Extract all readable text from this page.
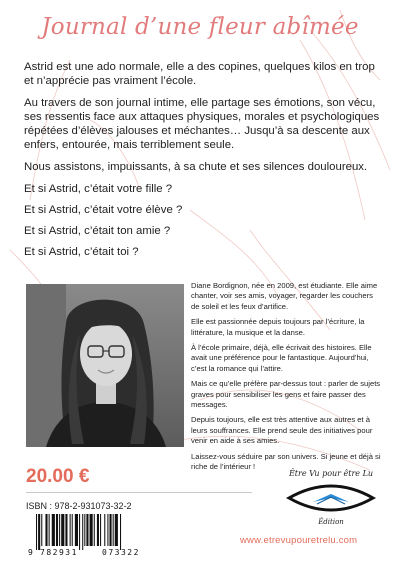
Journal d’une fleur abîmée

Astrid est une ado normale, elle a des copines, quelques kilos en trop et n’apprécie pas vraiment l’école.

Au travers de son journal intime, elle partage ses émotions, son vécu, ses ressentis face aux attaques physiques, morales et psychologiques répétées d’élèves jalouses et méchantes… Jusqu’à sa descente aux enfers, entourée, mais terriblement seule.

Nous assistons, impuissants, à sa chute et ses silences douloureux.

Et si Astrid, c’était votre fille ?

Et si Astrid, c’était votre élève ?

Et si Astrid, c’était ton amie ?

Et si Astrid, c’était toi ?

Diane Bordignon, née en 2009, est étudiante. Elle aime chanter, voir ses amis, voyager, regarder les couchers de soleil et les feux d’artifice.

Elle est passionnée depuis toujours par l’écriture, la littérature, la musique et la danse.

À l’école primaire, déjà, elle écrivait des histoires. Elle avait une préférence pour le fantastique. Aujourd’hui, c’est la romance qui l’attire.

Mais ce qu’elle préfère par-dessus tout : parler de sujets graves pour sensibiliser les gens et faire passer des messages.

Depuis toujours, elle est très attentive aux autres et à leurs souffrances. Elle prend seule des initiatives pour venir en aide à ses amies.

Laissez-vous séduire par son univers. Si jeune et déjà si riche de l’intérieur !

20.00 €
ISBN : 978-2-931073-32-2
9 782931	073322
Être Vu pour être Lu
Édition
www.etrevupouretrelu.com
